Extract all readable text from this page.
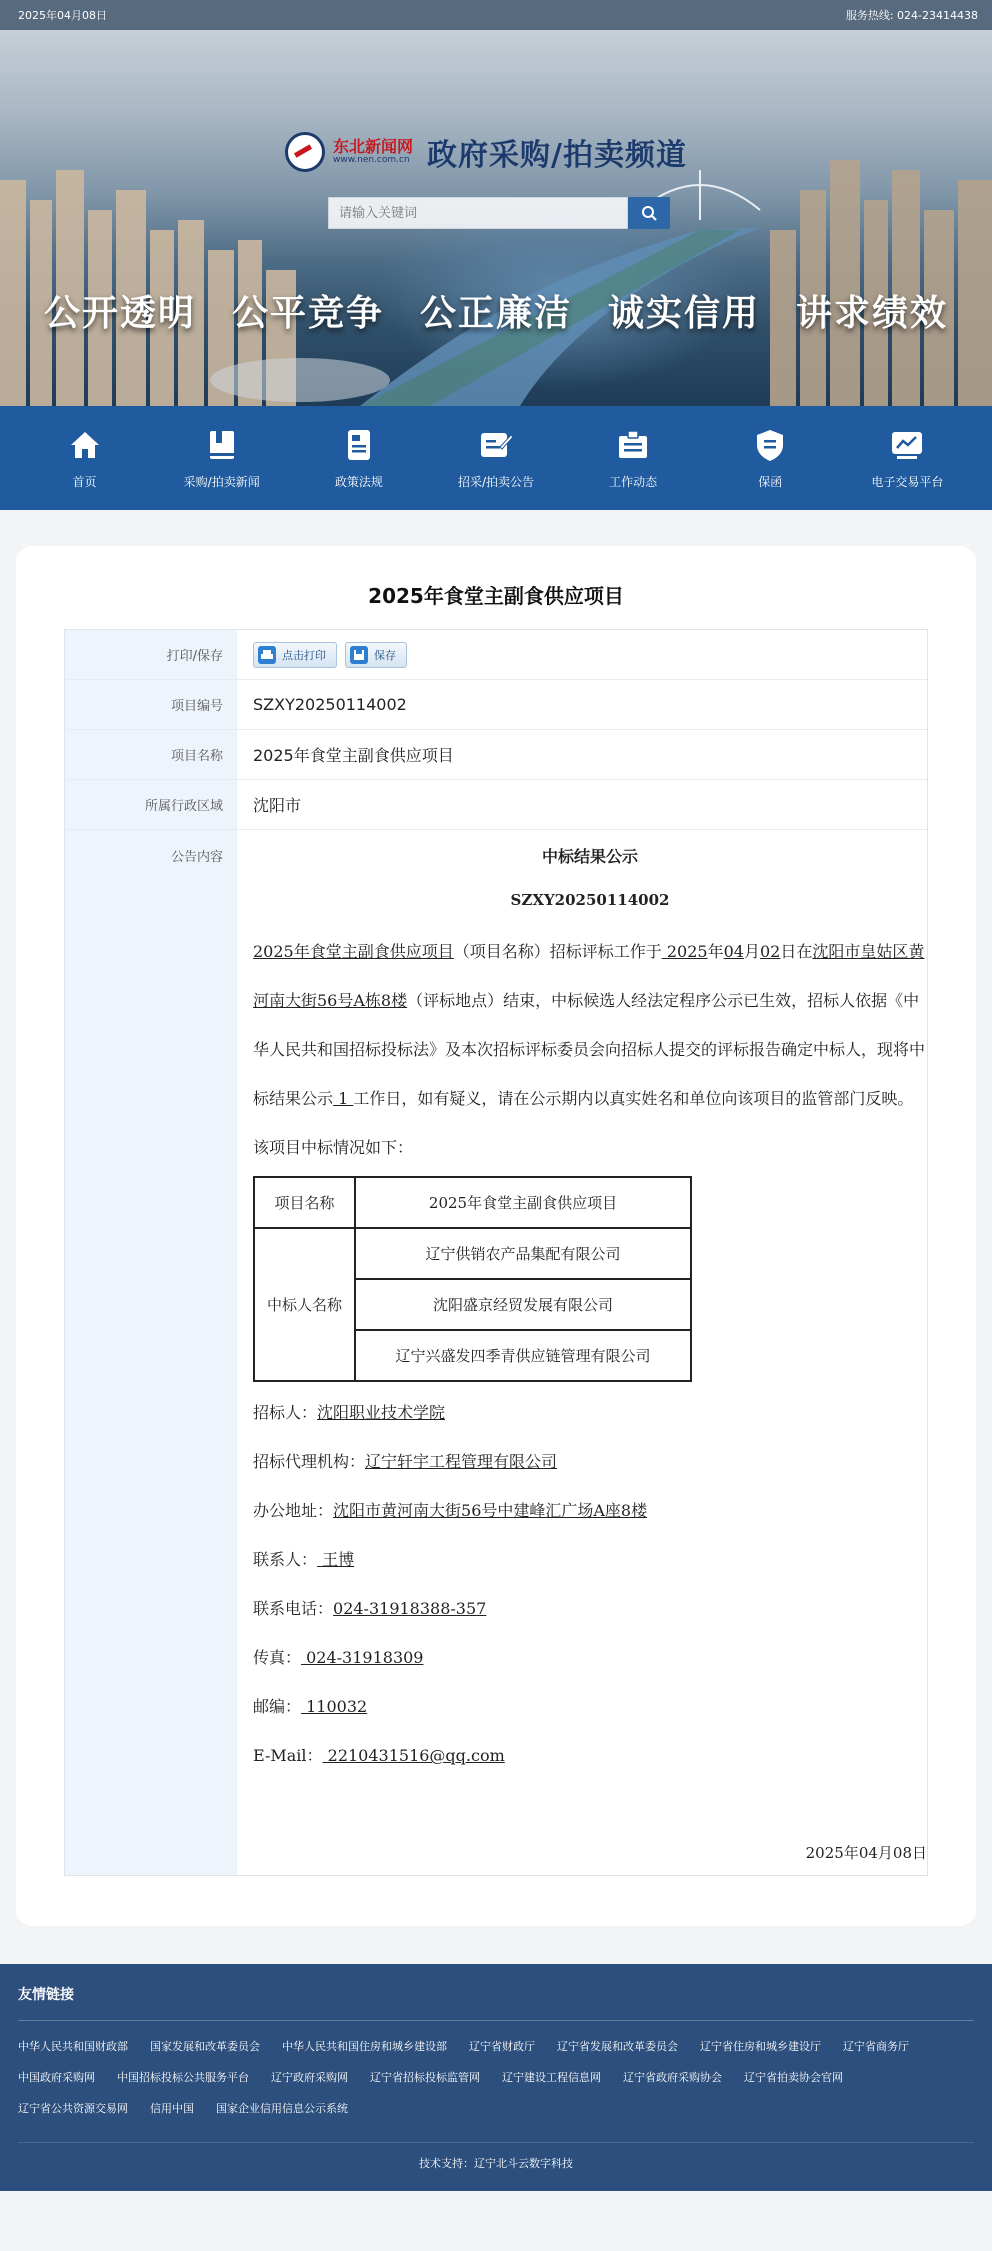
2025年04月08日	服务热线: 024-23414438
东北新闻网
www.nen.com.cn 政府采购/拍卖频道
请输入关键词
公开透明 公平竞争 公正廉洁 诚实信用 讲求绩效
首页	采购/拍卖新闻	政策法规	招采/拍卖公告	工作动态	保函	电子交易平台
2025年食堂主副食供应项目
打印/保存	点击打印	保存
项目编号	SZXY20250114002
项目名称	2025年食堂主副食供应项目
所属行政区域	沈阳市
公告内容	中标结果公示
SZXY20250114002

2025年食堂主副食供应项目（项目名称）招标评标工作于 2025年04月02日在沈阳市皇姑区黄河南大街56号A栋8楼（评标地点）结束，中标候选人经法定程序公示已生效，招标人依据《中华人民共和国招标投标法》及本次招标评标委员会向招标人提交的评标报告确定中标人，现将中标结果公示 1 工作日，如有疑义，请在公示期内以真实姓名和单位向该项目的监管部门反映。

该项目中标情况如下：
项目名称	2025年食堂主副食供应项目
中标人名称	辽宁供销农产品集配有限公司
	沈阳盛京经贸发展有限公司
	辽宁兴盛发四季青供应链管理有限公司

招标人：沈阳职业技术学院

招标代理机构：辽宁轩宇工程管理有限公司

办公地址：沈阳市黄河南大街56号中建峰汇广场A座8楼

联系人： 王博

联系电话：024-31918388-357

传真： 024-31918309

邮编： 110032

E-Mail： 2210431516@qq.com

2025年04月08日
友情链接
中华人民共和国财政部 国家发展和改革委员会 中华人民共和国住房和城乡建设部 辽宁省财政厅 辽宁省发展和改革委员会 辽宁省住房和城乡建设厅 辽宁省商务厅
中国政府采购网 中国招标投标公共服务平台 辽宁政府采购网 辽宁省招标投标监管网 辽宁建设工程信息网 辽宁省政府采购协会 辽宁省拍卖协会官网
辽宁省公共资源交易网 信用中国 国家企业信用信息公示系统
技术支持：辽宁北斗云数字科技
